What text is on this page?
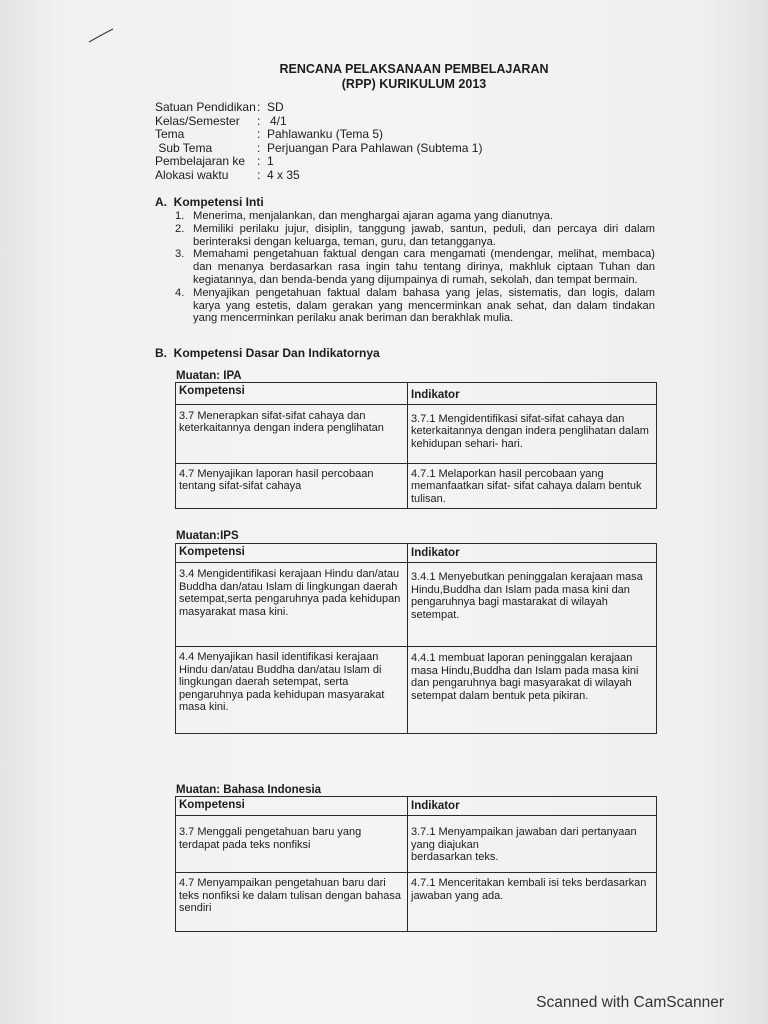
RENCANA PELAKSANAAN PEMBELAJARAN
(RPP) KURIKULUM 2013
Satuan Pendidikan : SD
Kelas/Semester	: 4/1
Tema	: Pahlawanku (Tema 5)
Sub Tema	: Perjuangan Para Pahlawan (Subtema 1)
Pembelajaran ke : 1
Alokasi waktu	: 4 x 35
A.  Kompetensi Inti
1. Menerima, menjalankan, dan menghargai ajaran agama yang dianutnya.
2. Memiliki perilaku jujur, disiplin, tanggung jawab, santun, peduli, dan percaya diri dalam berinteraksi dengan keluarga, teman, guru, dan tetangganya.
3. Memahami pengetahuan faktual dengan cara mengamati (mendengar, melihat, membaca) dan menanya berdasarkan rasa ingin tahu tentang dirinya, makhluk ciptaan Tuhan dan kegiatannya, dan benda-benda yang dijumpainya di rumah, sekolah, dan tempat bermain.
4. Menyajikan pengetahuan faktual dalam bahasa yang jelas, sistematis, dan logis, dalam karya yang estetis, dalam gerakan yang mencerminkan anak sehat, dan dalam tindakan yang mencerminkan perilaku anak beriman dan berakhlak mulia.
B.  Kompetensi Dasar Dan Indikatornya
Muatan: IPA
Kompetensi	Indikator
3.7 Menerapkan sifat-sifat cahaya dan keterkaitannya dengan indera penglihatan	3.7.1 Mengidentifikasi sifat-sifat cahaya dan keterkaitannya dengan indera penglihatan dalam kehidupan sehari- hari.
4.7 Menyajikan laporan hasil percobaan tentang sifat-sifat cahaya	4.7.1 Melaporkan hasil percobaan yang memanfaatkan sifat- sifat cahaya dalam bentuk tulisan.
Muatan:IPS
Kompetensi	Indikator
3.4 Mengidentifikasi kerajaan Hindu dan/atau Buddha dan/atau Islam di lingkungan daerah setempat,serta pengaruhnya pada kehidupan masyarakat masa kini.	3.4.1 Menyebutkan peninggalan kerajaan masa Hindu,Buddha dan Islam pada masa kini dan pengaruhnya bagi mastarakat di wilayah setempat.
4.4 Menyajikan hasil identifikasi kerajaan Hindu dan/atau Buddha dan/atau Islam di lingkungan daerah setempat, serta pengaruhnya pada kehidupan masyarakat masa kini.	4.4.1 membuat laporan peninggalan kerajaan masa Hindu,Buddha dan Islam pada masa kini dan pengaruhnya bagi masyarakat di wilayah setempat dalam bentuk peta pikiran.
Muatan: Bahasa Indonesia
Kompetensi	Indikator
3.7 Menggali pengetahuan baru yang terdapat pada teks nonfiksi	3.7.1 Menyampaikan jawaban dari pertanyaan yang diajukan
berdasarkan teks.
4.7 Menyampaikan pengetahuan baru dari teks nonfiksi ke dalam tulisan dengan bahasa sendiri	4.7.1 Menceritakan kembali isi teks berdasarkan jawaban yang ada.
Scanned with CamScanner
